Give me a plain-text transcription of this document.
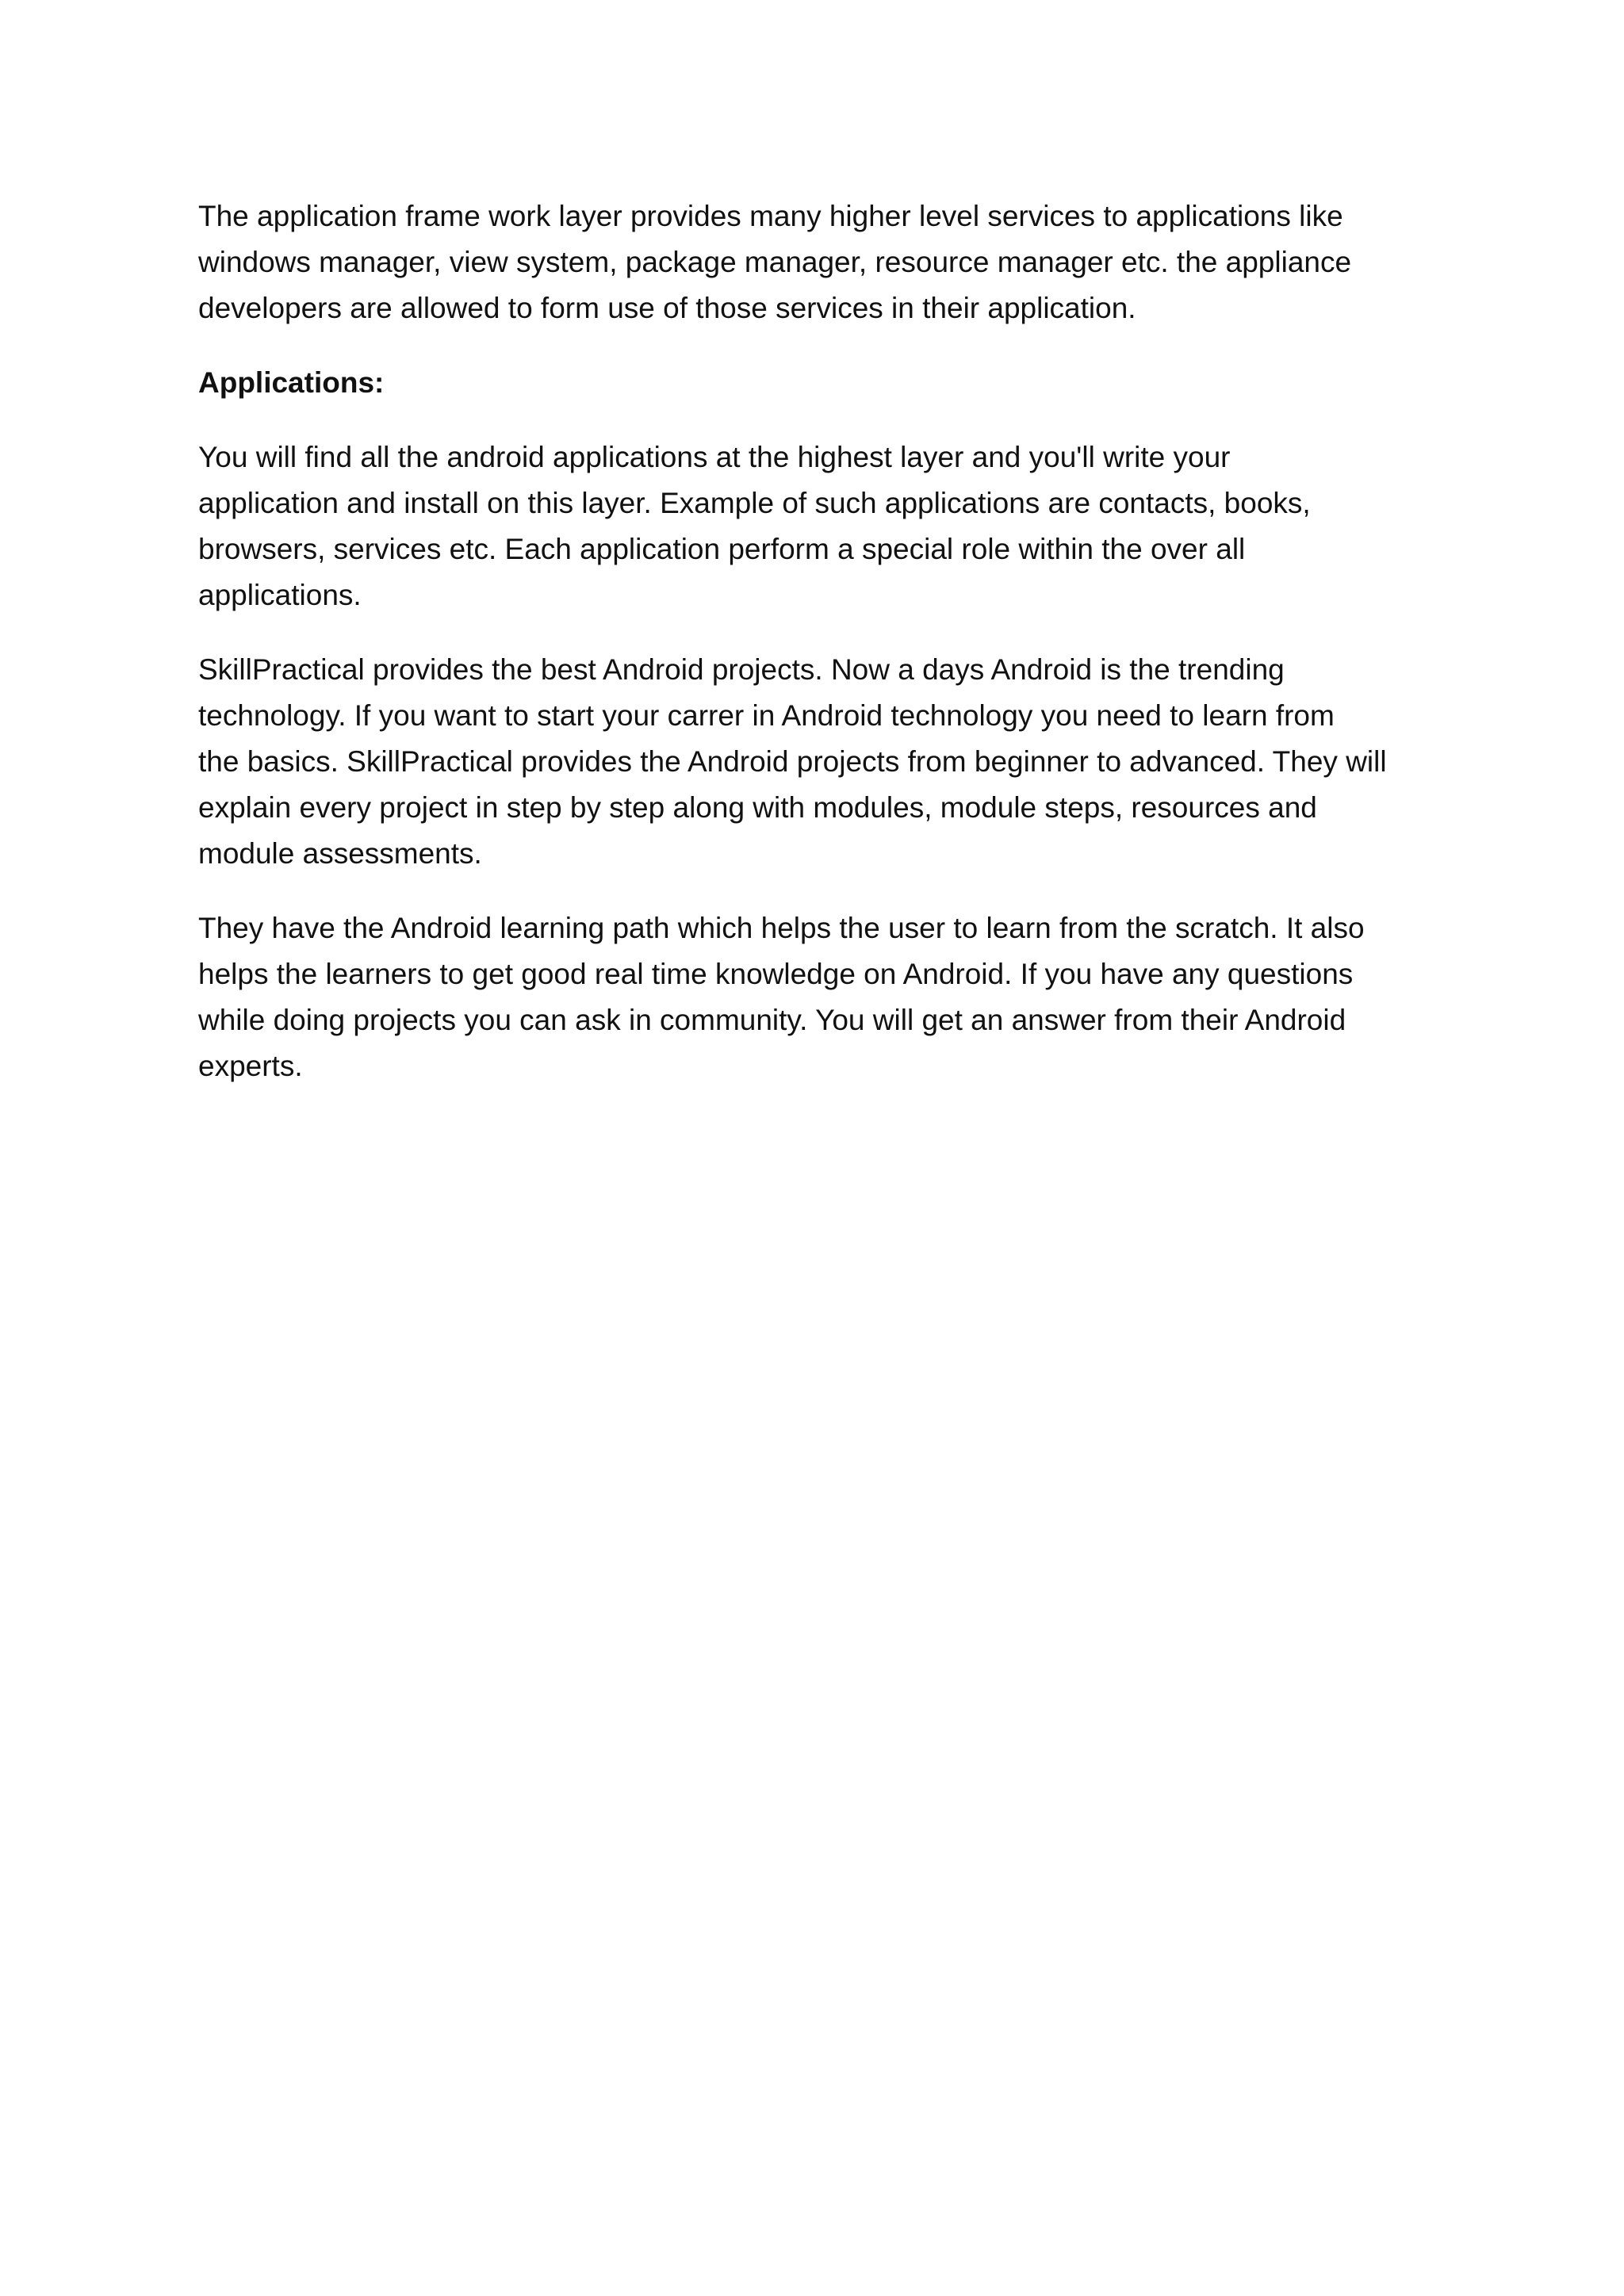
The application frame work layer provides many higher level services to applications like
windows manager, view system, package manager, resource manager etc. the appliance
developers are allowed to form use of those services in their application.

Applications:

You will find all the android applications at the highest layer and you'll write your
application and install on this layer. Example of such applications are contacts, books,
browsers, services etc. Each application perform a special role within the over all
applications.

SkillPractical provides the best Android projects. Now a days Android is the trending
technology. If you want to start your carrer in Android technology you need to learn from
the basics. SkillPractical provides the Android projects from beginner to advanced. They will
explain every project in step by step along with modules, module steps, resources and
module assessments.

They have the Android learning path which helps the user to learn from the scratch. It also
helps the learners to get good real time knowledge on Android. If you have any questions
while doing projects you can ask in community. You will get an answer from their Android
experts.
